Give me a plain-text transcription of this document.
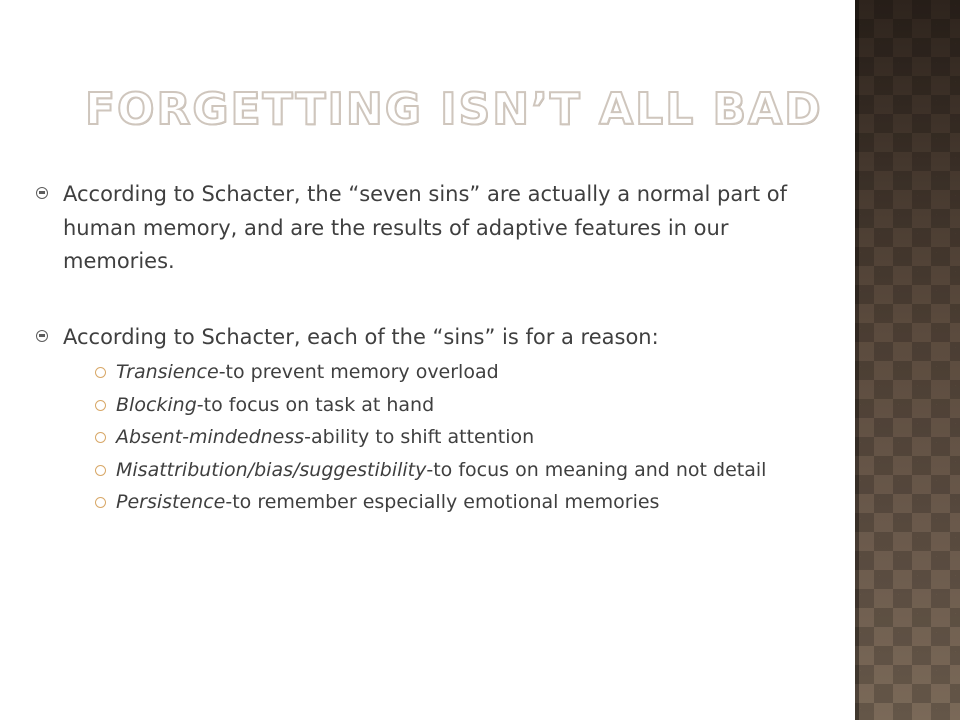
FORGETTING ISN’T ALL BAD
According to Schacter, the “seven sins” are actually a normal part of human memory, and are the results of adaptive features in our memories.
According to Schacter, each of the “sins” is for a reason:
Transience-to prevent memory overload
Blocking-to focus on task at hand
Absent-mindedness-ability to shift attention
Misattribution/bias/suggestibility-to focus on meaning and not detail
Persistence-to remember especially emotional memories
